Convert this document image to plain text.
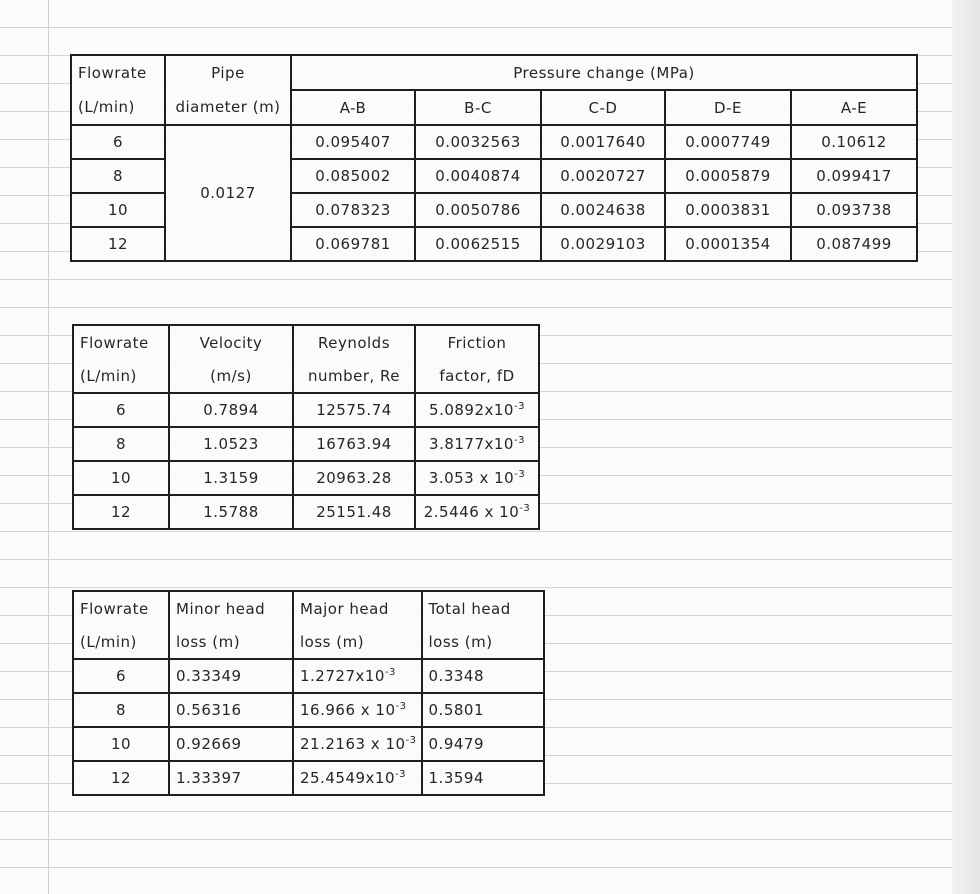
Flowrate	Pipe	Pressure change (MPa)				
(L/min)	diameter (m)	A-B	B-C	C-D	D-E	A-E
6	0.0127	0.095407	0.0032563	0.0017640	0.0007749	0.10612
8		0.085002	0.0040874	0.0020727	0.0005879	0.099417
10		0.078323	0.0050786	0.0024638	0.0003831	0.093738
12		0.069781	0.0062515	0.0029103	0.0001354	0.087499
Flowrate	Velocity	Reynolds	Friction
(L/min)	(m/s)	number, Re	factor, fD
6	0.7894	12575.74	$5.0892x10^{-3}$
8	1.0523	16763.94	$3.8177x10^{-3}$
10	1.3159	20963.28	3.053 x $10^{-3}$
12	1.5788	25151.48	2.5446 x $10^{-3}$
Flowrate	Minor head	Major head	Total head
(L/min)	loss (m)	loss (m)	loss (m)
6	0.33349	$1.2727x10^{-3}$	0.3348
8	0.56316	16.966 x $10^{-3}$	0.5801
10	0.92669	21.2163 x $10^{-3}$	0.9479
12	1.33397	$25.4549x10^{-3}$	1.3594
